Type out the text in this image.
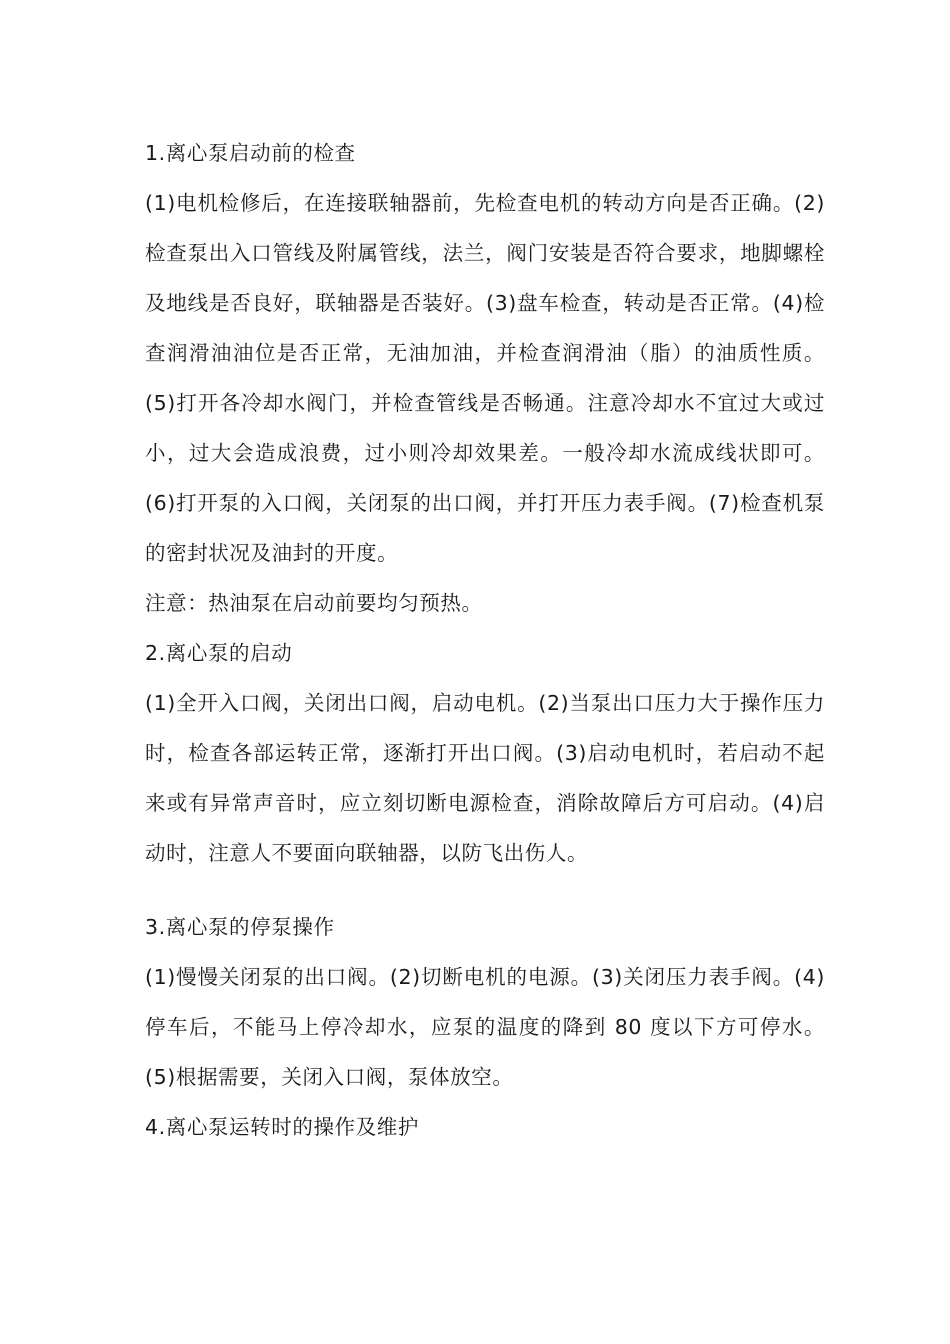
1.离心泵启动前的检查

(1)电机检修后，在连接联轴器前，先检查电机的转动方向是否正确。(2)检查泵出入口管线及附属管线，法兰，阀门安装是否符合要求，地脚螺栓及地线是否良好，联轴器是否装好。(3)盘车检查，转动是否正常。(4)检查润滑油油位是否正常，无油加油，并检查润滑油（脂）的油质性质。(5)打开各冷却水阀门，并检查管线是否畅通。注意冷却水不宜过大或过小，过大会造成浪费，过小则冷却效果差。一般冷却水流成线状即可。(6)打开泵的入口阀，关闭泵的出口阀，并打开压力表手阀。(7)检查机泵的密封状况及油封的开度。

注意：热油泵在启动前要均匀预热。

2.离心泵的启动

(1)全开入口阀，关闭出口阀，启动电机。(2)当泵出口压力大于操作压力时，检查各部运转正常，逐渐打开出口阀。(3)启动电机时，若启动不起来或有异常声音时，应立刻切断电源检查，消除故障后方可启动。(4)启动时，注意人不要面向联轴器，以防飞出伤人。

3.离心泵的停泵操作

(1)慢慢关闭泵的出口阀。(2)切断电机的电源。(3)关闭压力表手阀。(4)停车后，不能马上停冷却水，应泵的温度的降到 80 度以下方可停水。(5)根据需要，关闭入口阀，泵体放空。

4.离心泵运转时的操作及维护
